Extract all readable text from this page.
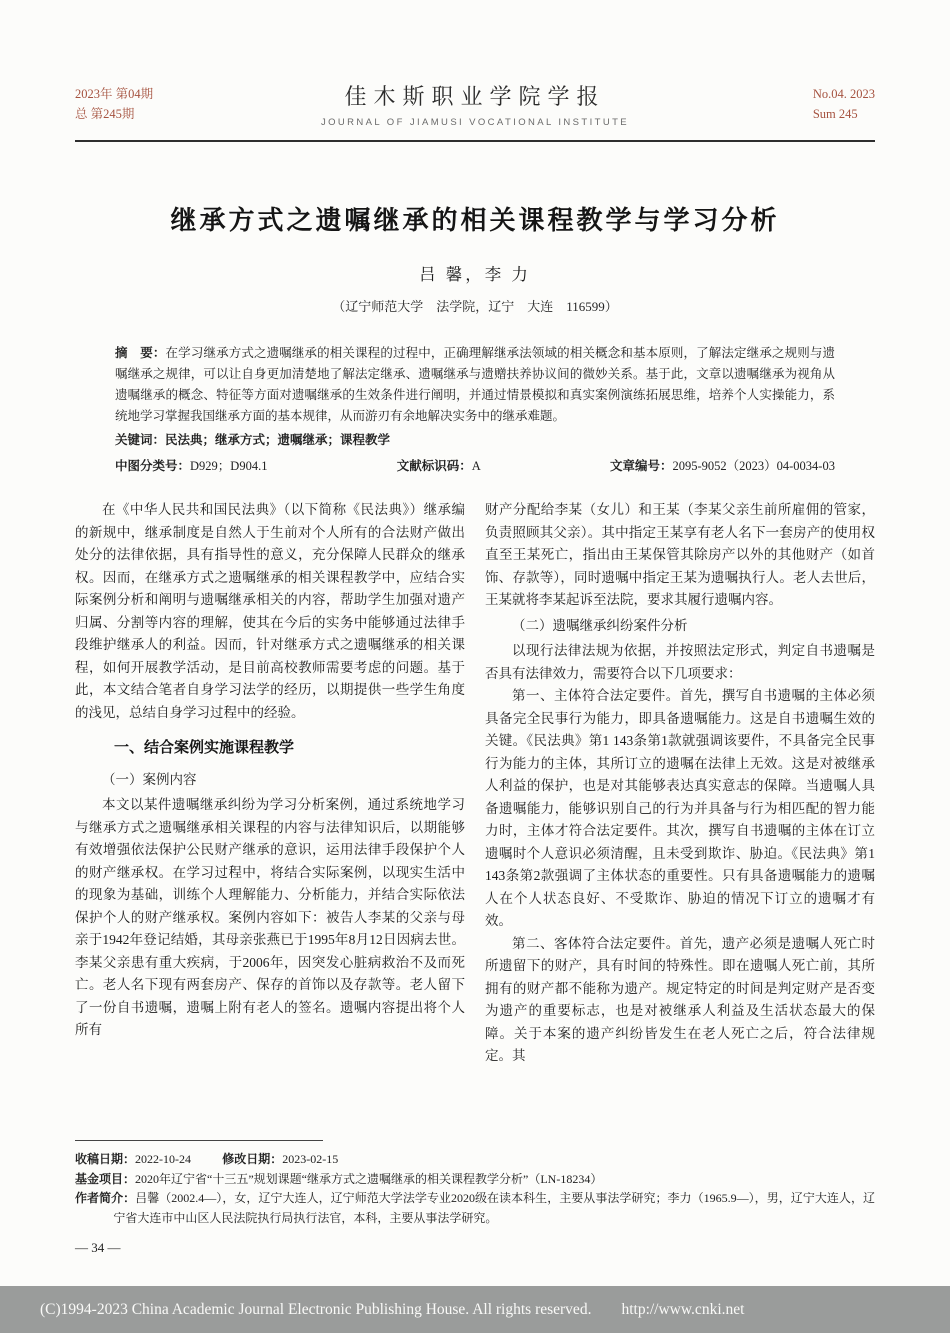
2023年 第04期
总 第245期
佳木斯职业学院学报
JOURNAL OF JIAMUSI VOCATIONAL INSTITUTE
No.04. 2023
Sum 245
继承方式之遗嘱继承的相关课程教学与学习分析
吕 馨，李 力
（辽宁师范大学　法学院，辽宁　大连　116599）

摘　要：在学习继承方式之遗嘱继承的相关课程的过程中，正确理解继承法领域的相关概念和基本原则，了解法定继承之规则与遗嘱继承之规律，可以让自身更加清楚地了解法定继承、遗嘱继承与遗赠扶养协议间的微妙关系。基于此，文章以遗嘱继承为视角从遗嘱继承的概念、特征等方面对遗嘱继承的生效条件进行阐明，并通过情景模拟和真实案例演练拓展思维，培养个人实操能力，系统地学习掌握我国继承方面的基本规律，从而游刃有余地解决实务中的继承难题。

关键词：民法典；继承方式；遗嘱继承；课程教学

中图分类号：D929；D904.1	文献标识码：A	文章编号：2095-9052（2023）04-0034-03

在《中华人民共和国民法典》（以下简称《民法典》）继承编的新规中，继承制度是自然人于生前对个人所有的合法财产做出处分的法律依据，具有指导性的意义，充分保障人民群众的继承权。因而，在继承方式之遗嘱继承的相关课程教学中，应结合实际案例分析和阐明与遗嘱继承相关的内容，帮助学生加强对遗产归属、分割等内容的理解，使其在今后的实务中能够通过法律手段维护继承人的利益。因而，针对继承方式之遗嘱继承的相关课程，如何开展教学活动，是目前高校教师需要考虑的问题。基于此，本文结合笔者自身学习法学的经历，以期提供一些学生角度的浅见，总结自身学习过程中的经验。

一、结合案例实施课程教学

（一）案例内容

本文以某件遗嘱继承纠纷为学习分析案例，通过系统地学习与继承方式之遗嘱继承相关课程的内容与法律知识后，以期能够有效增强依法保护公民财产继承的意识，运用法律手段保护个人的财产继承权。在学习过程中，将结合实际案例，以现实生活中的现象为基础，训练个人理解能力、分析能力，并结合实际依法保护个人的财产继承权。案例内容如下：被告人李某的父亲与母亲于1942年登记结婚，其母亲张燕已于1995年8月12日因病去世。李某父亲患有重大疾病，于2006年，因突发心脏病救治不及而死亡。老人名下现有两套房产、保存的首饰以及存款等。老人留下了一份自书遗嘱，遗嘱上附有老人的签名。遗嘱内容提出将个人所有

财产分配给李某（女儿）和王某（李某父亲生前所雇佣的管家，负责照顾其父亲）。其中指定王某享有老人名下一套房产的使用权直至王某死亡，指出由王某保管其除房产以外的其他财产（如首饰、存款等），同时遗嘱中指定王某为遗嘱执行人。老人去世后，王某就将李某起诉至法院，要求其履行遗嘱内容。

（二）遗嘱继承纠纷案件分析

以现行法律法规为依据，并按照法定形式，判定自书遗嘱是否具有法律效力，需要符合以下几项要求：

第一、主体符合法定要件。首先，撰写自书遗嘱的主体必须具备完全民事行为能力，即具备遗嘱能力。这是自书遗嘱生效的关键。《民法典》第1 143条第1款就强调该要件，不具备完全民事行为能力的主体，其所订立的遗嘱在法律上无效。这是对被继承人利益的保护，也是对其能够表达真实意志的保障。当遗嘱人具备遗嘱能力，能够识别自己的行为并具备与行为相匹配的智力能力时，主体才符合法定要件。其次，撰写自书遗嘱的主体在订立遗嘱时个人意识必须清醒，且未受到欺诈、胁迫。《民法典》第1 143条第2款强调了主体状态的重要性。只有具备遗嘱能力的遗嘱人在个人状态良好、不受欺诈、胁迫的情况下订立的遗嘱才有效。

第二、客体符合法定要件。首先，遗产必须是遗嘱人死亡时所遗留下的财产，具有时间的特殊性。即在遗嘱人死亡前，其所拥有的财产都不能称为遗产。规定特定的时间是判定财产是否变为遗产的重要标志，也是对被继承人利益及生活状态最大的保障。关于本案的遗产纠纷皆发生在老人死亡之后，符合法律规定。其

收稿日期：2022-10-24	修改日期：2023-02-15

基金项目：2020年辽宁省“十三五”规划课题“继承方式之遗嘱继承的相关课程教学分析”（LN-18234）

作者简介：吕馨（2002.4—），女，辽宁大连人，辽宁师范大学法学专业2020级在读本科生，主要从事法学研究；李力（1965.9—），男，辽宁大连人，辽宁省大连市中山区人民法院执行局执行法官，本科，主要从事法学研究。

— 34 —
(C)1994-2023 China Academic Journal Electronic Publishing House. All rights reserved. http://www.cnki.net
